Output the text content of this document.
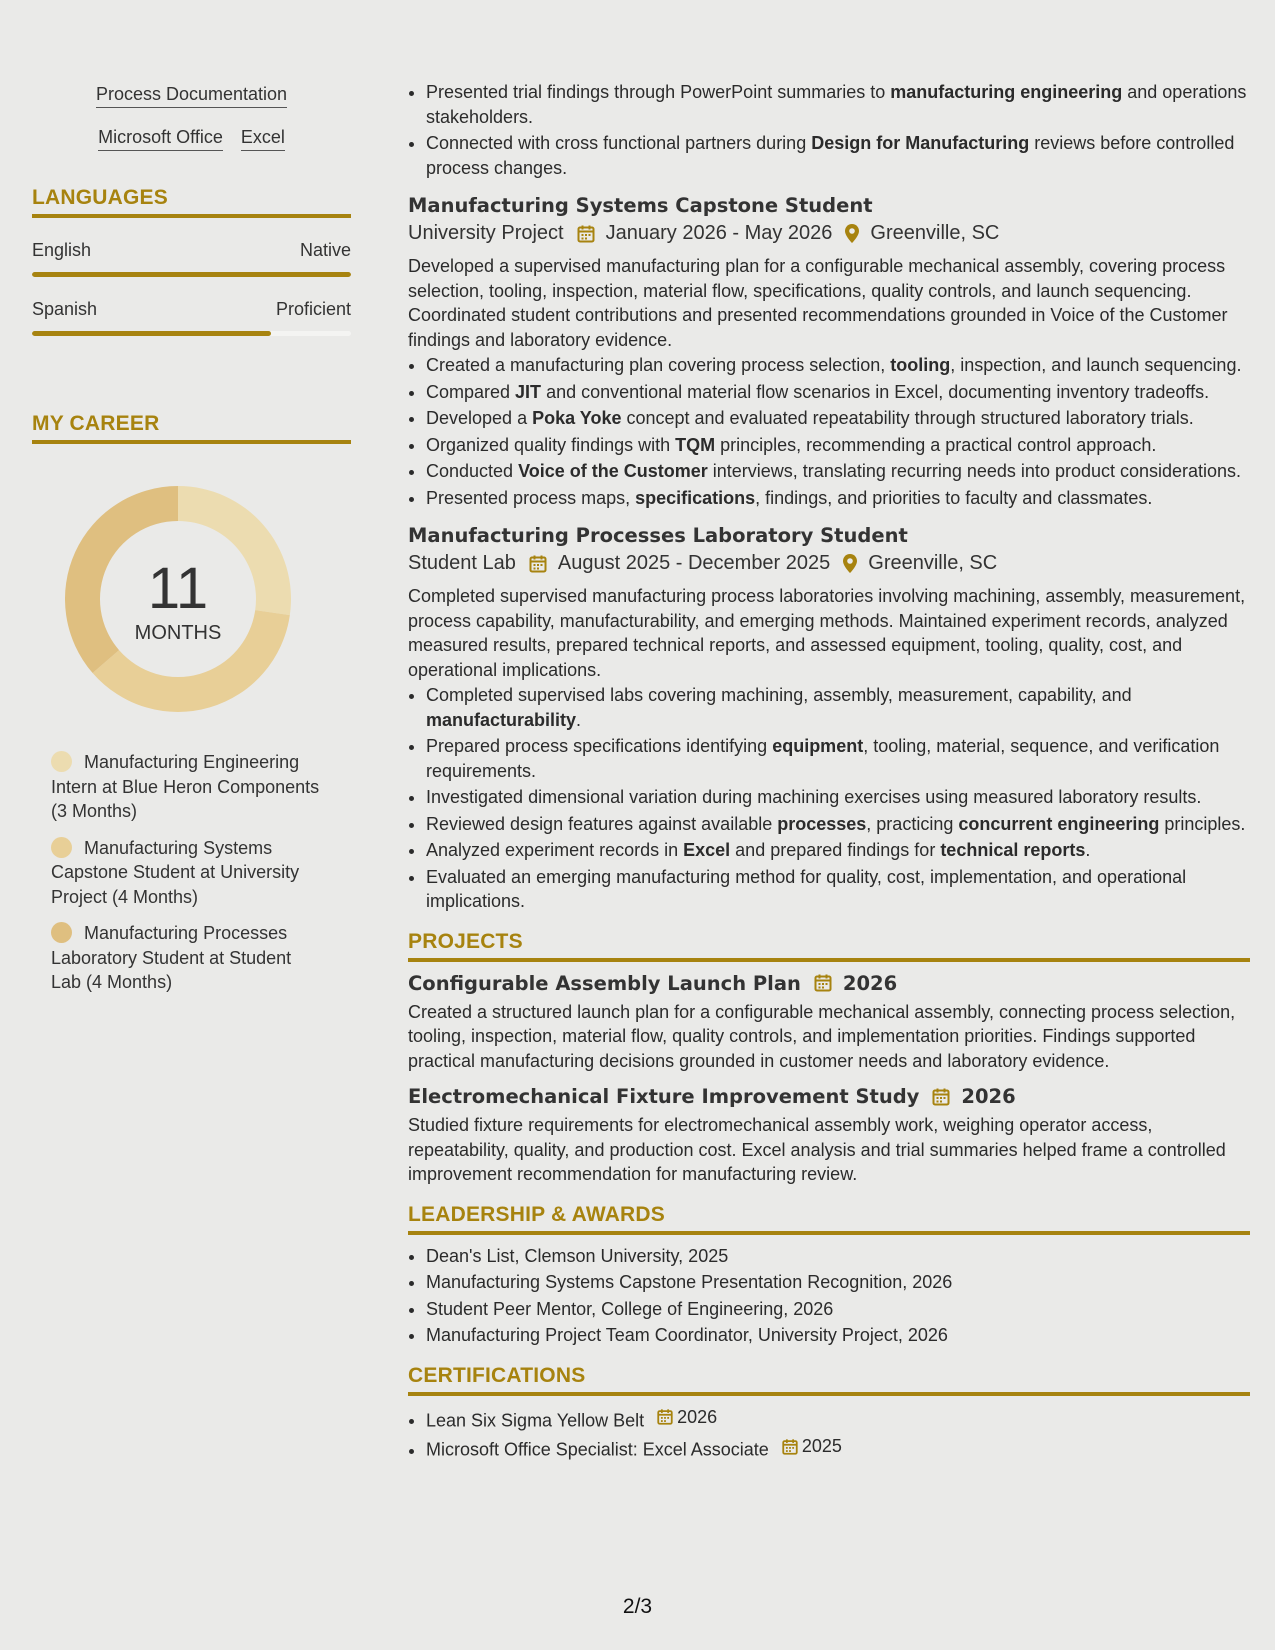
Process Documentation
Microsoft Office Excel
LANGUAGES
English	Native
Spanish	Proficient
MY CAREER
11
MONTHS
Manufacturing Engineering Intern at Blue Heron Components (3 Months)
Manufacturing Systems Capstone Student at University Project (4 Months)
Manufacturing Processes Laboratory Student at Student Lab (4 Months)
• Presented trial findings through PowerPoint summaries to manufacturing engineering and operations stakeholders.
• Connected with cross functional partners during Design for Manufacturing reviews before controlled process changes.
Manufacturing Systems Capstone Student
University Project January 2026 - May 2026 Greenville, SC

Developed a supervised manufacturing plan for a configurable mechanical assembly, covering process selection, tooling, inspection, material flow, specifications, quality controls, and launch sequencing. Coordinated student contributions and presented recommendations grounded in Voice of the Customer findings and laboratory evidence.

• Created a manufacturing plan covering process selection, tooling, inspection, and launch sequencing.
• Compared JIT and conventional material flow scenarios in Excel, documenting inventory tradeoffs.
• Developed a Poka Yoke concept and evaluated repeatability through structured laboratory trials.
• Organized quality findings with TQM principles, recommending a practical control approach.
• Conducted Voice of the Customer interviews, translating recurring needs into product considerations.
• Presented process maps, specifications, findings, and priorities to faculty and classmates.
Manufacturing Processes Laboratory Student
Student Lab August 2025 - December 2025 Greenville, SC

Completed supervised manufacturing process laboratories involving machining, assembly, measurement, process capability, manufacturability, and emerging methods. Maintained experiment records, analyzed measured results, prepared technical reports, and assessed equipment, tooling, quality, cost, and operational implications.

• Completed supervised labs covering machining, assembly, measurement, capability, and manufacturability.
• Prepared process specifications identifying equipment, tooling, material, sequence, and verification requirements.
• Investigated dimensional variation during machining exercises using measured laboratory results.
• Reviewed design features against available processes, practicing concurrent engineering principles.
• Analyzed experiment records in Excel and prepared findings for technical reports.
• Evaluated an emerging manufacturing method for quality, cost, implementation, and operational implications.
PROJECTS
Configurable Assembly Launch Plan 2026

Created a structured launch plan for a configurable mechanical assembly, connecting process selection, tooling, inspection, material flow, quality controls, and implementation priorities. Findings supported practical manufacturing decisions grounded in customer needs and laboratory evidence.

Electromechanical Fixture Improvement Study 2026

Studied fixture requirements for electromechanical assembly work, weighing operator access, repeatability, quality, and production cost. Excel analysis and trial summaries helped frame a controlled improvement recommendation for manufacturing review.

LEADERSHIP & AWARDS
• Dean's List, Clemson University, 2025
• Manufacturing Systems Capstone Presentation Recognition, 2026
• Student Peer Mentor, College of Engineering, 2026
• Manufacturing Project Team Coordinator, University Project, 2026
CERTIFICATIONS
• Lean Six Sigma Yellow Belt 2026
• Microsoft Office Specialist: Excel Associate 2025
2/3
